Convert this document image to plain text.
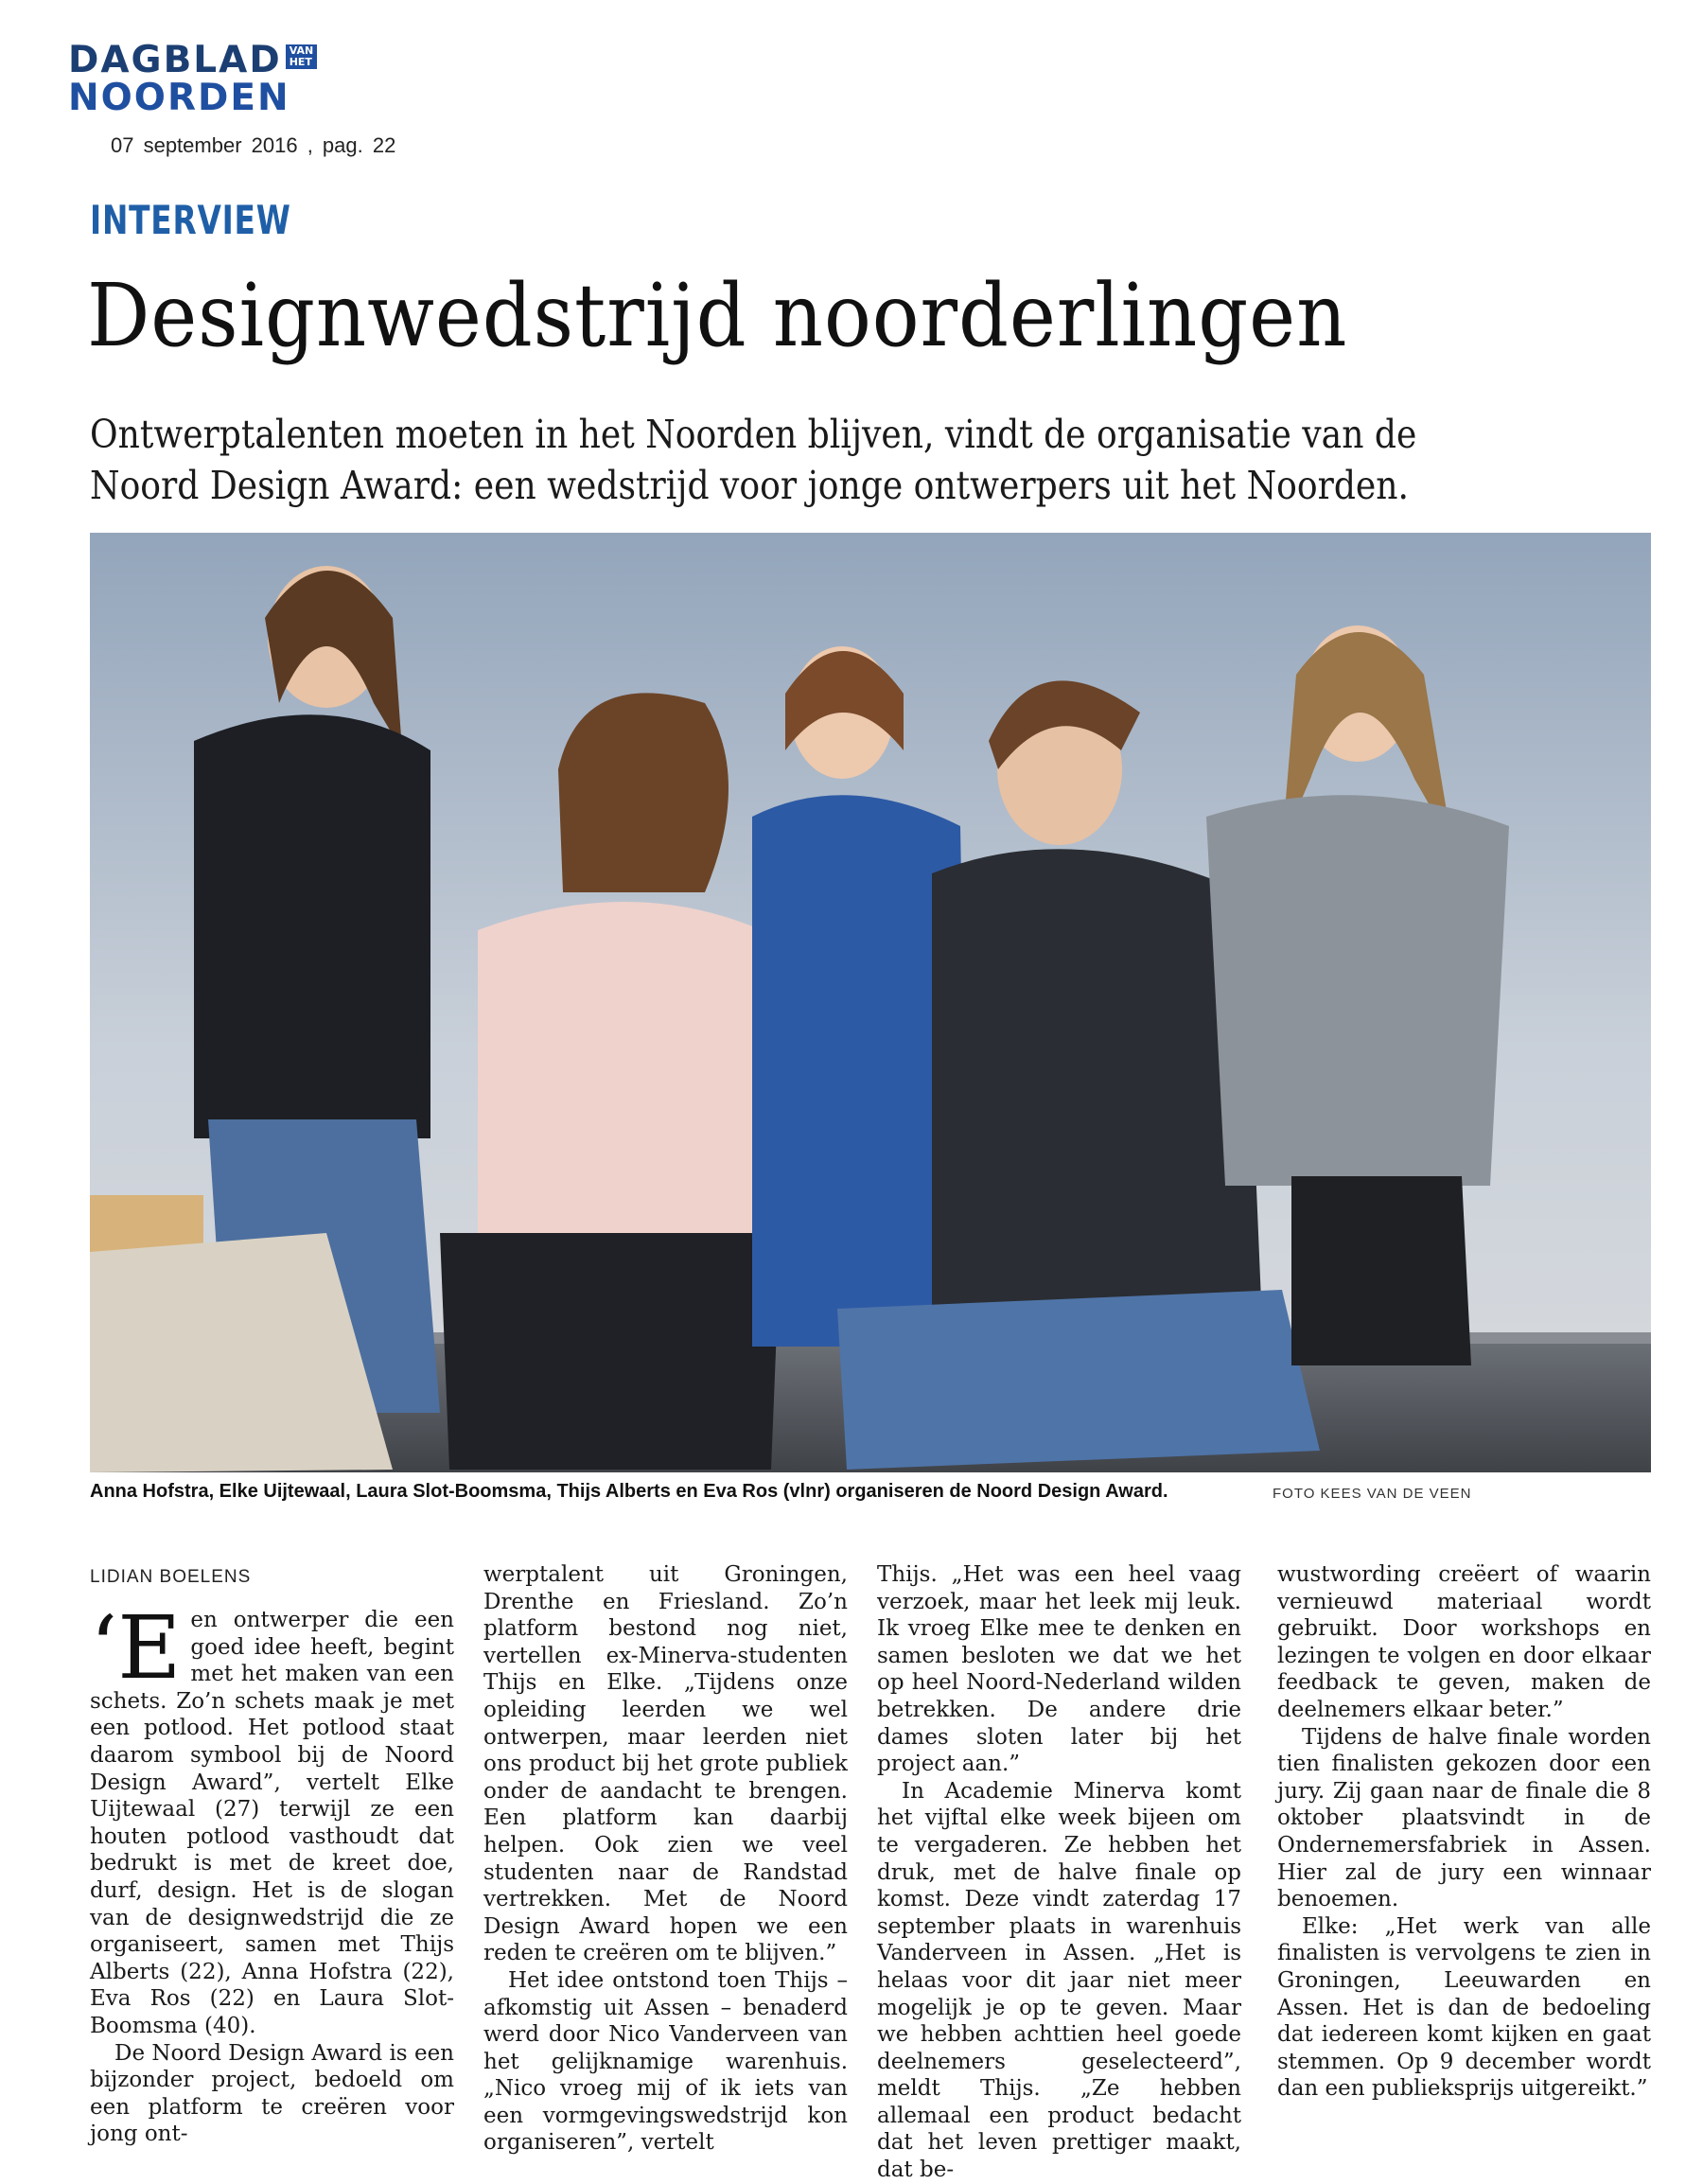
DAGBLAD VAN
HET
NOORDEN
07 september 2016 , pag. 22
INTERVIEW
Designwedstrijd noorderlingen
Ontwerptalenten moeten in het Noorden blijven, vindt de organisatie van de Noord Design Award: een wedstrijd voor jonge ontwerpers uit het Noorden.
Anna Hofstra, Elke Uijtewaal, Laura Slot-Boomsma, Thijs Alberts en Eva Ros (vlnr) organiseren de Noord Design Award.	FOTO KEES VAN DE VEEN
LIDIAN BOELENS

‘Een ontwerper die een goed idee heeft, begint met het maken van een schets. Zo’n schets maak je met een potlood. Het potlood staat daarom symbool bij de Noord Design Award”, vertelt Elke Uijtewaal (27) terwijl ze een houten potlood vasthoudt dat bedrukt is met de kreet doe, durf, design. Het is de slogan van de designwedstrijd die ze organiseert, samen met Thijs Alberts (22), Anna Hofstra (22), Eva Ros (22) en Laura Slot-Boomsma (40).

De Noord Design Award is een bijzonder project, bedoeld om een platform te creëren voor jong ont-

werptalent uit Groningen, Drenthe en Friesland. Zo’n platform bestond nog niet, vertellen ex-Minerva-studenten Thijs en Elke. „Tijdens onze opleiding leerden we wel ontwerpen, maar leerden niet ons product bij het grote publiek onder de aandacht te brengen. Een platform kan daarbij helpen. Ook zien we veel studenten naar de Randstad vertrekken. Met de Noord Design Award hopen we een reden te creëren om te blijven.”

Het idee ontstond toen Thijs – afkomstig uit Assen – benaderd werd door Nico Vanderveen van het gelijknamige warenhuis. „Nico vroeg mij of ik iets van een vormgevingswedstrijd kon organiseren”, vertelt

Thijs. „Het was een heel vaag verzoek, maar het leek mij leuk. Ik vroeg Elke mee te denken en samen besloten we dat we het op heel Noord-Nederland wilden betrekken. De andere drie dames sloten later bij het project aan.”

In Academie Minerva komt het vijftal elke week bijeen om te vergaderen. Ze hebben het druk, met de halve finale op komst. Deze vindt zaterdag 17 september plaats in warenhuis Vanderveen in Assen. „Het is helaas voor dit jaar niet meer mogelijk je op te geven. Maar we hebben achttien heel goede deelnemers geselecteerd”, meldt Thijs. „Ze hebben allemaal een product bedacht dat het leven prettiger maakt, dat be-

wustwording creëert of waarin vernieuwd materiaal wordt gebruikt. Door workshops en lezingen te volgen en door elkaar feedback te geven, maken de deelnemers elkaar beter.”

Tijdens de halve finale worden tien finalisten gekozen door een jury. Zij gaan naar de finale die 8 oktober plaatsvindt in de Ondernemersfabriek in Assen. Hier zal de jury een winnaar benoemen.

Elke: „Het werk van alle finalisten is vervolgens te zien in Groningen, Leeuwarden en Assen. Het is dan de bedoeling dat iedereen komt kijken en gaat stemmen. Op 9 december wordt dan een publieksprijs uitgereikt.”
